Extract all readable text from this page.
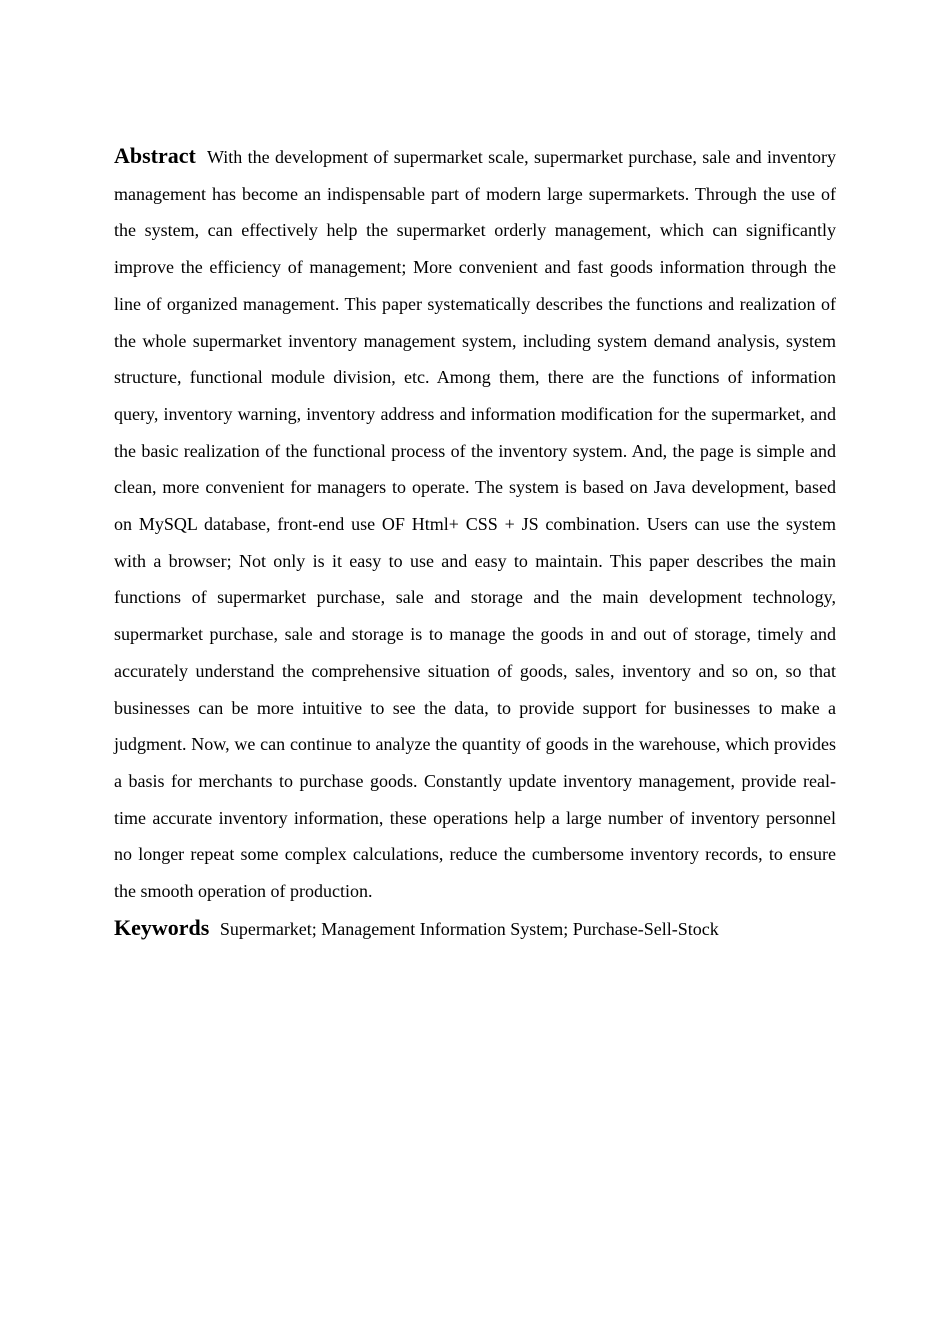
Abstract With the development of supermarket scale, supermarket purchase, sale and inventory management has become an indispensable part of modern large supermarkets. Through the use of the system, can effectively help the supermarket orderly management, which can significantly improve the efficiency of management; More convenient and fast goods information through the line of organized management. This paper systematically describes the functions and realization of the whole supermarket inventory management system, including system demand analysis, system structure, functional module division, etc. Among them, there are the functions of information query, inventory warning, inventory address and information modification for the supermarket, and the basic realization of the functional process of the inventory system. And, the page is simple and clean, more convenient for managers to operate. The system is based on Java development, based on MySQL database, front-end use OF Html+ CSS + JS combination. Users can use the system with a browser; Not only is it easy to use and easy to maintain. This paper describes the main functions of supermarket purchase, sale and storage and the main development technology, supermarket purchase, sale and storage is to manage the goods in and out of storage, timely and accurately understand the comprehensive situation of goods, sales, inventory and so on, so that businesses can be more intuitive to see the data, to provide support for businesses to make a judgment. Now, we can continue to analyze the quantity of goods in the warehouse, which provides a basis for merchants to purchase goods. Constantly update inventory management, provide real-time accurate inventory information, these operations help a large number of inventory personnel no longer repeat some complex calculations, reduce the cumbersome inventory records, to ensure the smooth operation of production.

Keywords Supermarket; Management Information System; Purchase-Sell-Stock
